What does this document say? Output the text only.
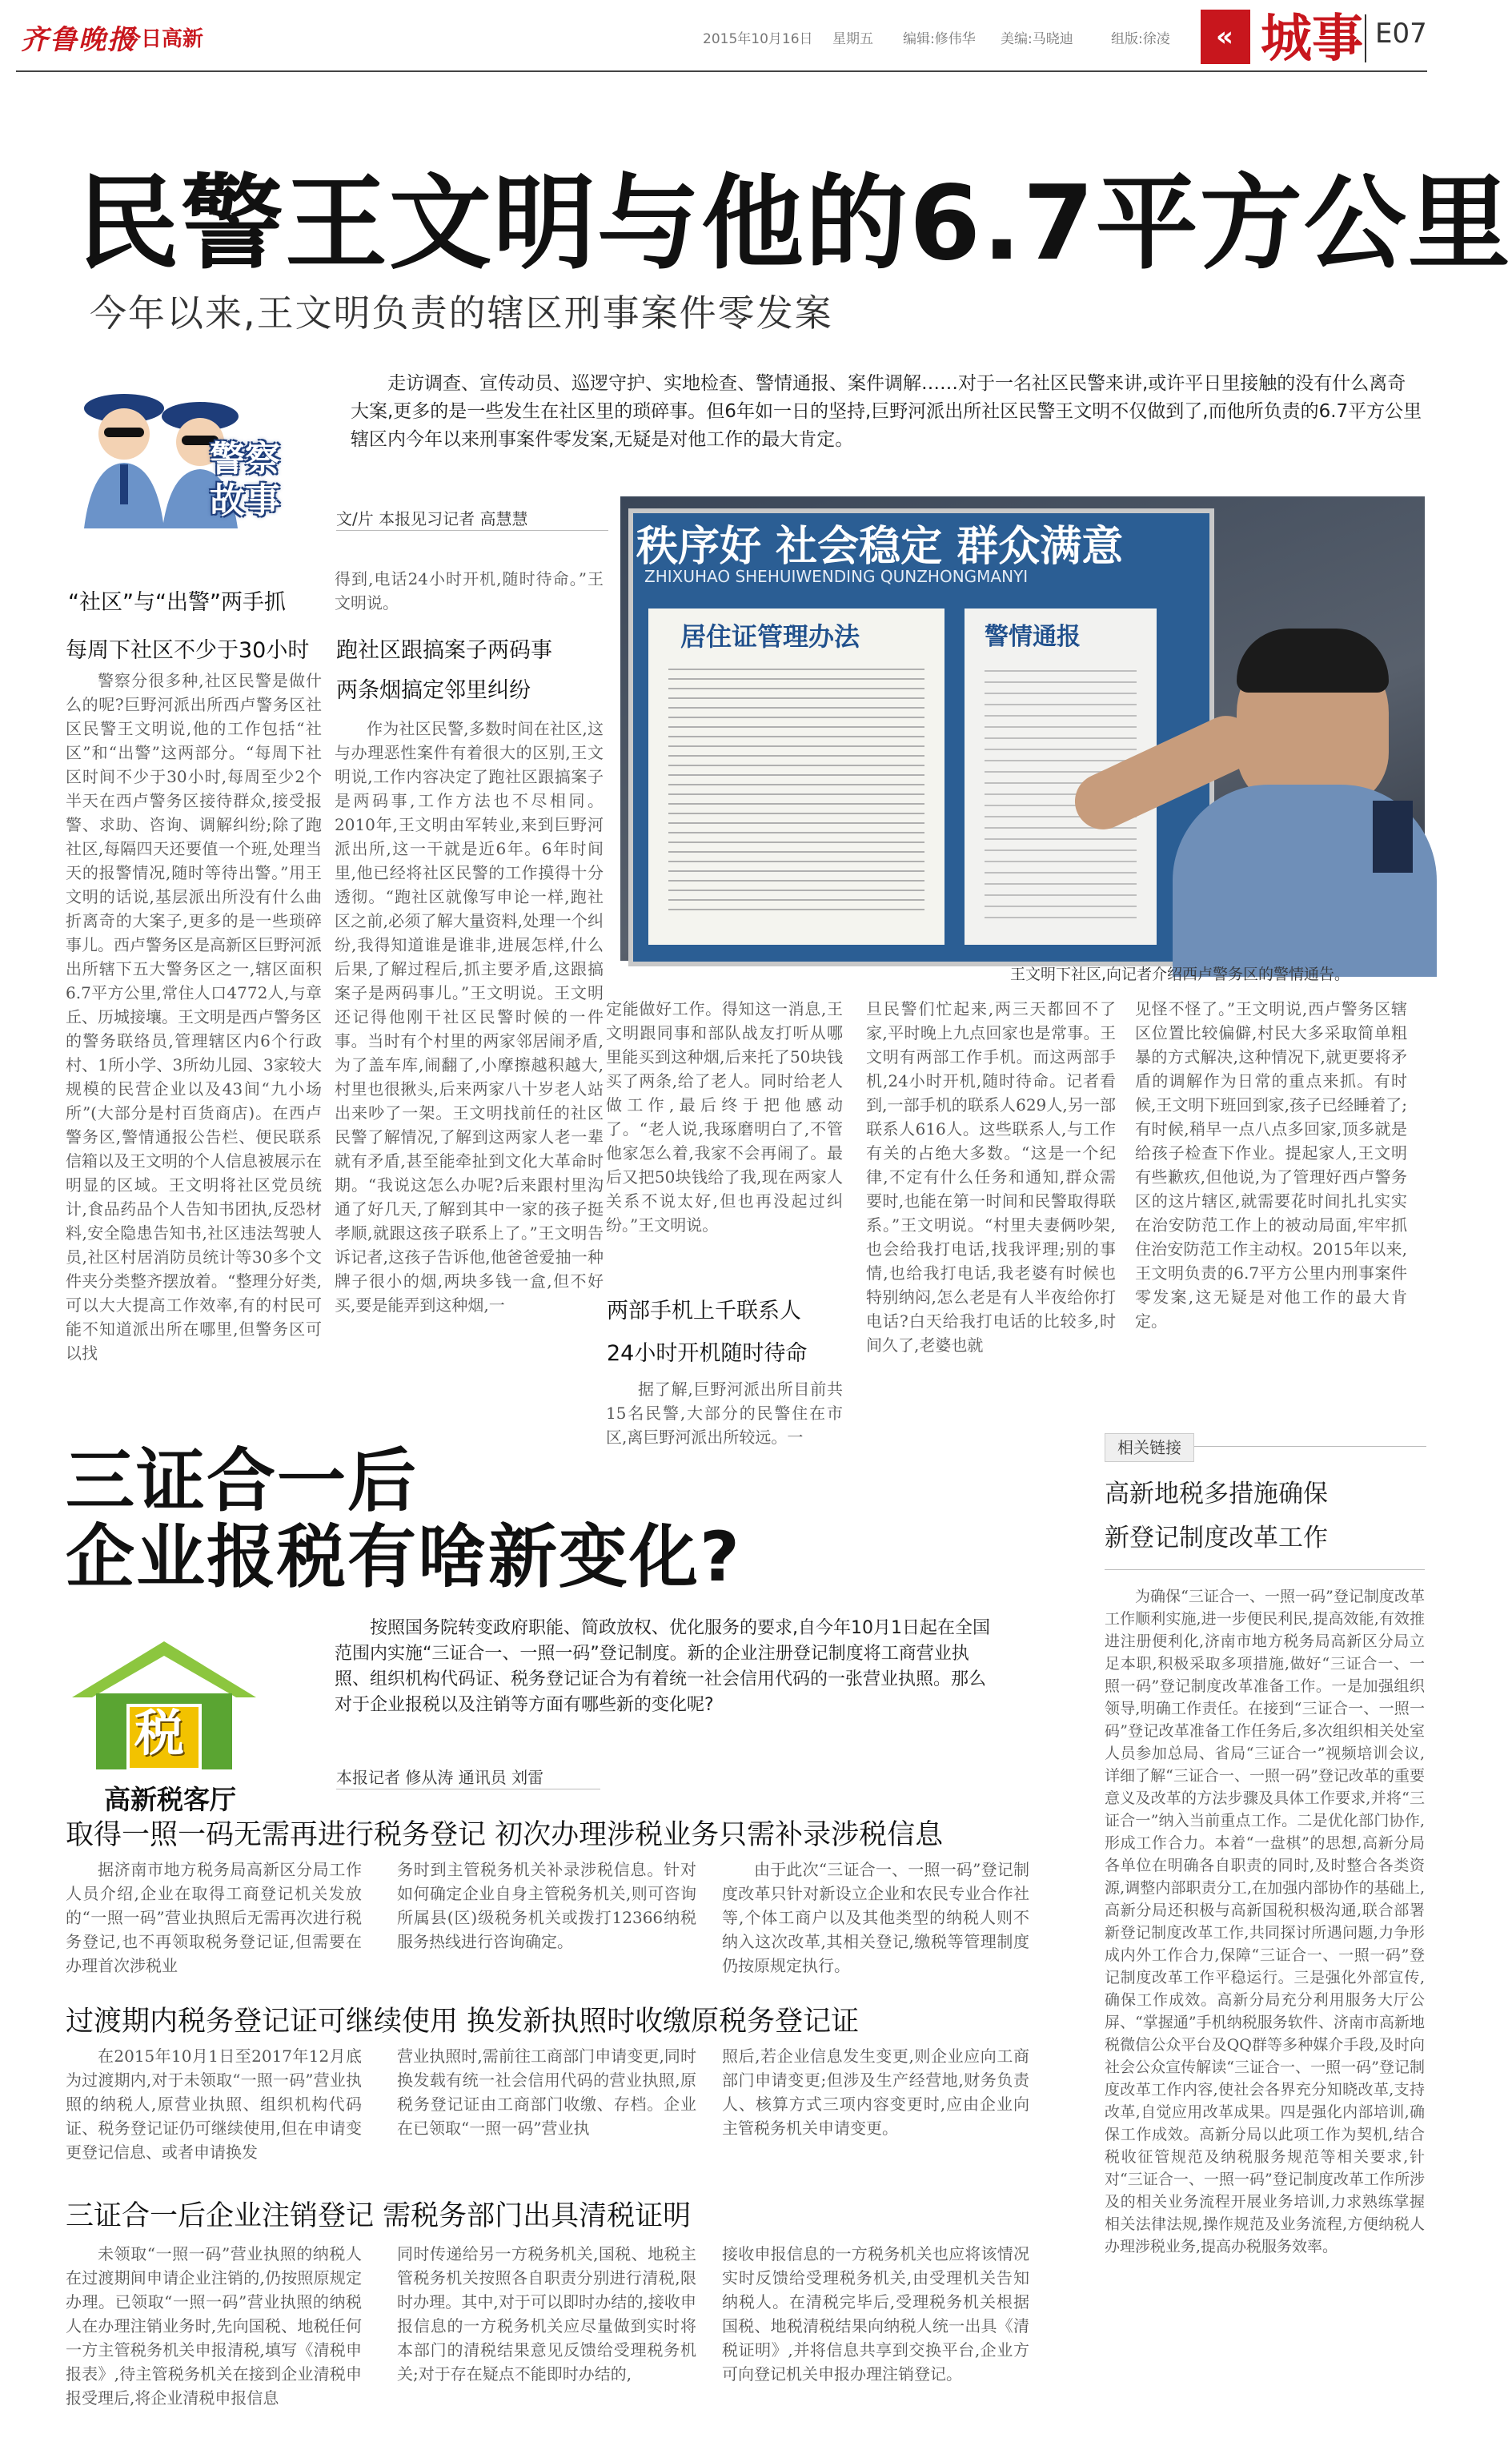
齐鲁晚报
今日高新	2015年10月16日 星期五 编辑:修伟华 美编:马晓迪	组版:徐凌 « 城事 E07
民警王文明与他的6.7平方公里
今年以来,王文明负责的辖区刑事案件零发案
警察故事
走访调查、宣传动员、巡逻守护、实地检查、警情通报、案件调解……对于一名社区民警来讲,或许平日里接触的没有什么离奇大案,更多的是一些发生在社区里的琐碎事。但6年如一日的坚持,巨野河派出所社区民警王文明不仅做到了,而他所负责的6.7平方公里辖区内今年以来刑事案件零发案,无疑是对他工作的最大肯定。
文/片 本报见习记者 高慧慧
“社区”与“出警”两手抓
每周下社区不少于30小时
警察分很多种,社区民警是做什么的呢?巨野河派出所西卢警务区社区民警王文明说,他的工作包括“社区”和“出警”这两部分。“每周下社区时间不少于30小时,每周至少2个半天在西卢警务区接待群众,接受报警、求助、咨询、调解纠纷;除了跑社区,每隔四天还要值一个班,处理当天的报警情况,随时等待出警。”用王文明的话说,基层派出所没有什么曲折离奇的大案子,更多的是一些琐碎事儿。西卢警务区是高新区巨野河派出所辖下五大警务区之一,辖区面积6.7平方公里,常住人口4772人,与章丘、历城接壤。王文明是西卢警务区的警务联络员,管理辖区内6个行政村、1所小学、3所幼儿园、3家较大规模的民营企业以及43间“九小场所”(大部分是村百货商店)。在西卢警务区,警情通报公告栏、便民联系信箱以及王文明的个人信息被展示在明显的区域。王文明将社区党员统计,食品药品个人告知书团执,反恐材料,安全隐患告知书,社区违法驾驶人员,社区村居消防员统计等30多个文件夹分类整齐摆放着。“整理分好类,可以大大提高工作效率,有的村民可能不知道派出所在哪里,但警务区可以找
得到,电话24小时开机,随时待命。”王文明说。
跑社区跟搞案子两码事
两条烟搞定邻里纠纷
作为社区民警,多数时间在社区,这与办理恶性案件有着很大的区别,王文明说,工作内容决定了跑社区跟搞案子是两码事,工作方法也不尽相同。2010年,王文明由军转业,来到巨野河派出所,这一干就是近6年。6年时间里,他已经将社区民警的工作摸得十分透彻。“跑社区就像写申论一样,跑社区之前,必须了解大量资料,处理一个纠纷,我得知道谁是谁非,进展怎样,什么后果,了解过程后,抓主要矛盾,这跟搞案子是两码事儿。”王文明说。王文明还记得他刚干社区民警时候的一件事。当时有个村里的两家邻居闹矛盾,为了盖车库,闹翻了,小摩擦越积越大,村里也很揪头,后来两家八十岁老人站出来吵了一架。王文明找前任的社区民警了解情况,了解到这两家人老一辈就有矛盾,甚至能牵扯到文化大革命时期。“我说这怎么办呢?后来跟村里沟通了好几天,了解到其中一家的孩子挺孝顺,就跟这孩子联系上了。”王文明告诉记者,这孩子告诉他,他爸爸爱抽一种牌子很小的烟,两块多钱一盒,但不好买,要是能弄到这种烟,一
秩序好 社会稳定 群众满意
ZHIXUHAO SHEHUIWENDING QUNZHONGMANYI
居住证管理办法	警情通报
王文明下社区,向记者介绍西卢警务区的警情通告。
定能做好工作。得知这一消息,王文明跟同事和部队战友打听从哪里能买到这种烟,后来托了50块钱买了两条,给了老人。同时给老人做工作,最后终于把他感动了。“老人说,我琢磨明白了,不管他家怎么着,我家不会再闹了。最后又把50块钱给了我,现在两家人关系不说太好,但也再没起过纠纷。”王文明说。
两部手机上千联系人
24小时开机随时待命
据了解,巨野河派出所目前共15名民警,大部分的民警住在市区,离巨野河派出所较远。一
旦民警们忙起来,两三天都回不了家,平时晚上九点回家也是常事。王文明有两部工作手机。而这两部手机,24小时开机,随时待命。记者看到,一部手机的联系人629人,另一部联系人616人。这些联系人,与工作有关的占绝大多数。“这是一个纪律,不定有什么任务和通知,群众需要时,也能在第一时间和民警取得联系。”王文明说。“村里夫妻俩吵架,也会给我打电话,找我评理;别的事情,也给我打电话,我老婆有时候也特别纳闷,怎么老是有人半夜给你打电话?白天给我打电话的比较多,时间久了,老婆也就
见怪不怪了。”王文明说,西卢警务区辖区位置比较偏僻,村民大多采取简单粗暴的方式解决,这种情况下,就更要将矛盾的调解作为日常的重点来抓。有时候,王文明下班回到家,孩子已经睡着了;有时候,稍早一点八点多回家,顶多就是给孩子检查下作业。提起家人,王文明有些歉疚,但他说,为了管理好西卢警务区的这片辖区,就需要花时间扎扎实实在治安防范工作上的被动局面,牢牢抓住治安防范工作主动权。2015年以来,王文明负责的6.7平方公里内刑事案件零发案,这无疑是对他工作的最大肯定。
三证合一后
企业报税有啥新变化?
税
高新税客厅
按照国务院转变政府职能、简政放权、优化服务的要求,自今年10月1日起在全国范围内实施“三证合一、一照一码”登记制度。新的企业注册登记制度将工商营业执照、组织机构代码证、税务登记证合为有着统一社会信用代码的一张营业执照。那么对于企业报税以及注销等方面有哪些新的变化呢?
本报记者 修从涛 通讯员 刘雷
取得一照一码无需再进行税务登记 初次办理涉税业务只需补录涉税信息
据济南市地方税务局高新区分局工作人员介绍,企业在取得工商登记机关发放的“一照一码”营业执照后无需再次进行税务登记,也不再领取税务登记证,但需要在办理首次涉税业
务时到主管税务机关补录涉税信息。针对如何确定企业自身主管税务机关,则可咨询所属县(区)级税务机关或拨打12366纳税服务热线进行咨询确定。
由于此次“三证合一、一照一码”登记制度改革只针对新设立企业和农民专业合作社等,个体工商户以及其他类型的纳税人则不纳入这次改革,其相关登记,缴税等管理制度仍按原规定执行。
过渡期内税务登记证可继续使用 换发新执照时收缴原税务登记证
在2015年10月1日至2017年12月底为过渡期内,对于未领取“一照一码”营业执照的纳税人,原营业执照、组织机构代码证、税务登记证仍可继续使用,但在申请变更登记信息、或者申请换发
营业执照时,需前往工商部门申请变更,同时换发载有统一社会信用代码的营业执照,原税务登记证由工商部门收缴、存档。企业在已领取“一照一码”营业执
照后,若企业信息发生变更,则企业应向工商部门申请变更;但涉及生产经营地,财务负责人、核算方式三项内容变更时,应由企业向主管税务机关申请变更。
三证合一后企业注销登记 需税务部门出具清税证明
未领取“一照一码”营业执照的纳税人在过渡期间申请企业注销的,仍按照原规定办理。已领取“一照一码”营业执照的纳税人在办理注销业务时,先向国税、地税任何一方主管税务机关申报清税,填写《清税申报表》,待主管税务机关在接到企业清税申报受理后,将企业清税申报信息
同时传递给另一方税务机关,国税、地税主管税务机关按照各自职责分别进行清税,限时办理。其中,对于可以即时办结的,接收申报信息的一方税务机关应尽量做到实时将本部门的清税结果意见反馈给受理税务机关;对于存在疑点不能即时办结的,
接收申报信息的一方税务机关也应将该情况实时反馈给受理税务机关,由受理机关告知纳税人。在清税完毕后,受理税务机关根据国税、地税清税结果向纳税人统一出具《清税证明》,并将信息共享到交换平台,企业方可向登记机关申报办理注销登记。
相关链接
高新地税多措施确保
新登记制度改革工作
为确保“三证合一、一照一码”登记制度改革工作顺利实施,进一步便民利民,提高效能,有效推进注册便利化,济南市地方税务局高新区分局立足本职,积极采取多项措施,做好“三证合一、一照一码”登记制度改革准备工作。一是加强组织领导,明确工作责任。在接到“三证合一、一照一码”登记改革准备工作任务后,多次组织相关处室人员参加总局、省局“三证合一”视频培训会议,详细了解“三证合一、一照一码”登记改革的重要意义及改革的方法步骤及具体工作要求,并将“三证合一”纳入当前重点工作。二是优化部门协作,形成工作合力。本着“一盘棋”的思想,高新分局各单位在明确各自职责的同时,及时整合各类资源,调整内部职责分工,在加强内部协作的基础上,高新分局还积极与高新国税积极沟通,联合部署新登记制度改革工作,共同探讨所遇问题,力争形成内外工作合力,保障“三证合一、一照一码”登记制度改革工作平稳运行。三是强化外部宣传,确保工作成效。高新分局充分利用服务大厅公屏、“掌握通”手机纳税服务软件、济南市高新地税微信公众平台及QQ群等多种媒介手段,及时向社会公众宣传解读“三证合一、一照一码”登记制度改革工作内容,使社会各界充分知晓改革,支持改革,自觉应用改革成果。四是强化内部培训,确保工作成效。高新分局以此项工作为契机,结合税收征管规范及纳税服务规范等相关要求,针对“三证合一、一照一码”登记制度改革工作所涉及的相关业务流程开展业务培训,力求熟练掌握相关法律法规,操作规范及业务流程,方便纳税人办理涉税业务,提高办税服务效率。
